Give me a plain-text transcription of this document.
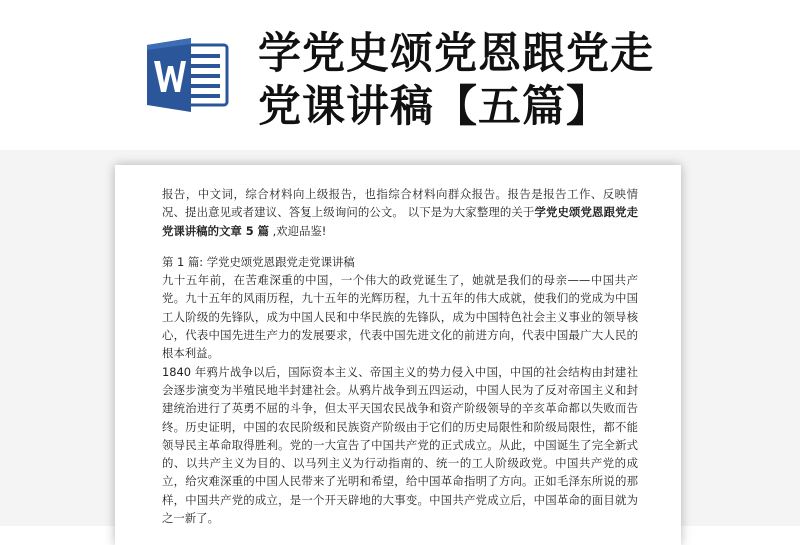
学党史颂党恩跟党走
党课讲稿【五篇】

报告，中文词，综合材料向上级报告，也指综合材料向群众报告。报告是报告工作、反映情况、提出意见或者建议、答复上级询问的公文。 以下是为大家整理的关于学党史颂党恩跟党走党课讲稿的文章 5 篇 ,欢迎品鉴!

第 1 篇: 学党史颂党恩跟党走党课讲稿

九十五年前，在苦难深重的中国，一个伟大的政党诞生了，她就是我们的母亲——中国共产党。九十五年的风雨历程，九十五年的光辉历程，九十五年的伟大成就，使我们的党成为中国工人阶级的先锋队，成为中国人民和中华民族的先锋队，成为中国特色社会主义事业的领导核心，代表中国先进生产力的发展要求，代表中国先进文化的前进方向，代表中国最广大人民的根本利益。

1840 年鸦片战争以后，国际资本主义、帝国主义的势力侵入中国，中国的社会结构由封建社会逐步演变为半殖民地半封建社会。从鸦片战争到五四运动，中国人民为了反对帝国主义和封建统治进行了英勇不屈的斗争，但太平天国农民战争和资产阶级领导的辛亥革命都以失败而告终。历史证明，中国的农民阶级和民族资产阶级由于它们的历史局限性和阶级局限性，都不能领导民主革命取得胜利。党的一大宣告了中国共产党的正式成立。从此，中国诞生了完全新式的、以共产主义为目的、以马列主义为行动指南的、统一的工人阶级政党。中国共产党的成立，给灾难深重的中国人民带来了光明和希望，给中国革命指明了方向。正如毛泽东所说的那样，中国共产党的成立，是一个开天辟地的大事变。中国共产党成立后，中国革命的面目就为之一新了。
